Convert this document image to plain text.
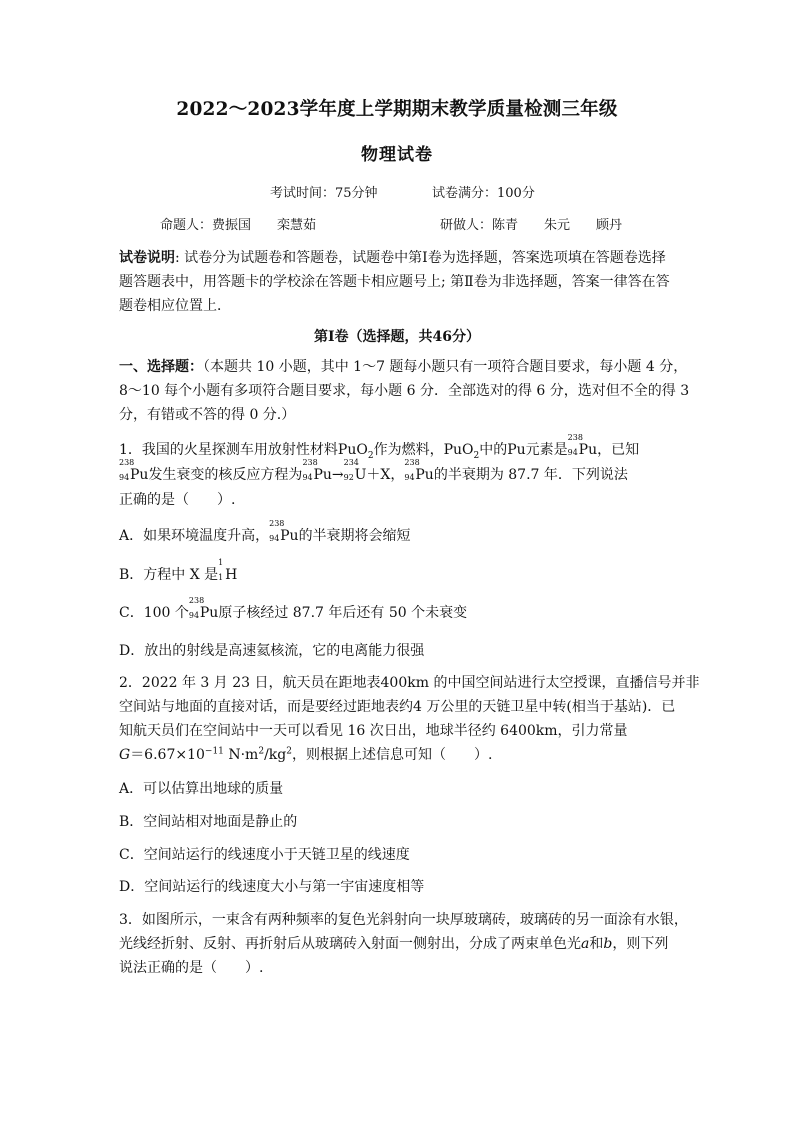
2022～2023学年度上学期期末教学质量检测三年级
物理试卷
考试时间：75分钟	试卷满分：100分
命题人：费振国　　栾慧茹	研做人：陈青　　朱元　　顾丹
试卷说明: 试卷分为试题卷和答题卷，试题卷中第Ⅰ卷为选择题，答案选项填在答题卷选择
题答题表中，用答题卡的学校涂在答题卡相应题号上; 第Ⅱ卷为非选择题，答案一律答在答
题卷相应位置上．
第Ⅰ卷（选择题，共46分）
一、选择题：（本题共 10 小题，其中 1～7 题每小题只有一项符合题目要求，每小题 4 分，
8～10 每个小题有多项符合题目要求，每小题 6 分．全部选对的得 6 分，选对但不全的得 3
分，有错或不答的得 0 分.）
1．我国的火星探测车用放射性材料PuO$_2$作为燃料，PuO$_2$中的Pu元素是
238
94 Pu，已知
238
94 Pu发生衰变的核反应方程为
238
94 Pu→
234
92 U＋X，
238
94 Pu的半衰期为 87.7 年．下列说法
正确的是（　　）.
A．如果环境温度升高，
238
94 Pu的半衰期将会缩短
B．方程中 X 是
1
1 H
C．100 个
238
94 Pu原子核经过 87.7 年后还有 50 个未衰变
D．放出的射线是高速氦核流，它的电离能力很强
2．2022 年 3 月 23 日，航天员在距地表400km 的中国空间站进行太空授课，直播信号并非
空间站与地面的直接对话，而是要经过距地表约4 万公里的天链卫星中转(相当于基站)．已
知航天员们在空间站中一天可以看见 16 次日出，地球半径约 6400km，引力常量
$G=6.67\times 10^{-11}$ $N\cdot m^2/kg^2$，则根据上述信息可知（　　）.
A．可以估算出地球的质量
B．空间站相对地面是静止的
C．空间站运行的线速度小于天链卫星的线速度
D．空间站运行的线速度大小与第一宇宙速度相等
3．如图所示，一束含有两种频率的复色光斜射向一块厚玻璃砖，玻璃砖的另一面涂有水银，
光线经折射、反射、再折射后从玻璃砖入射面一侧射出，分成了两束单色光a和b，则下列
说法正确的是（　　）.
